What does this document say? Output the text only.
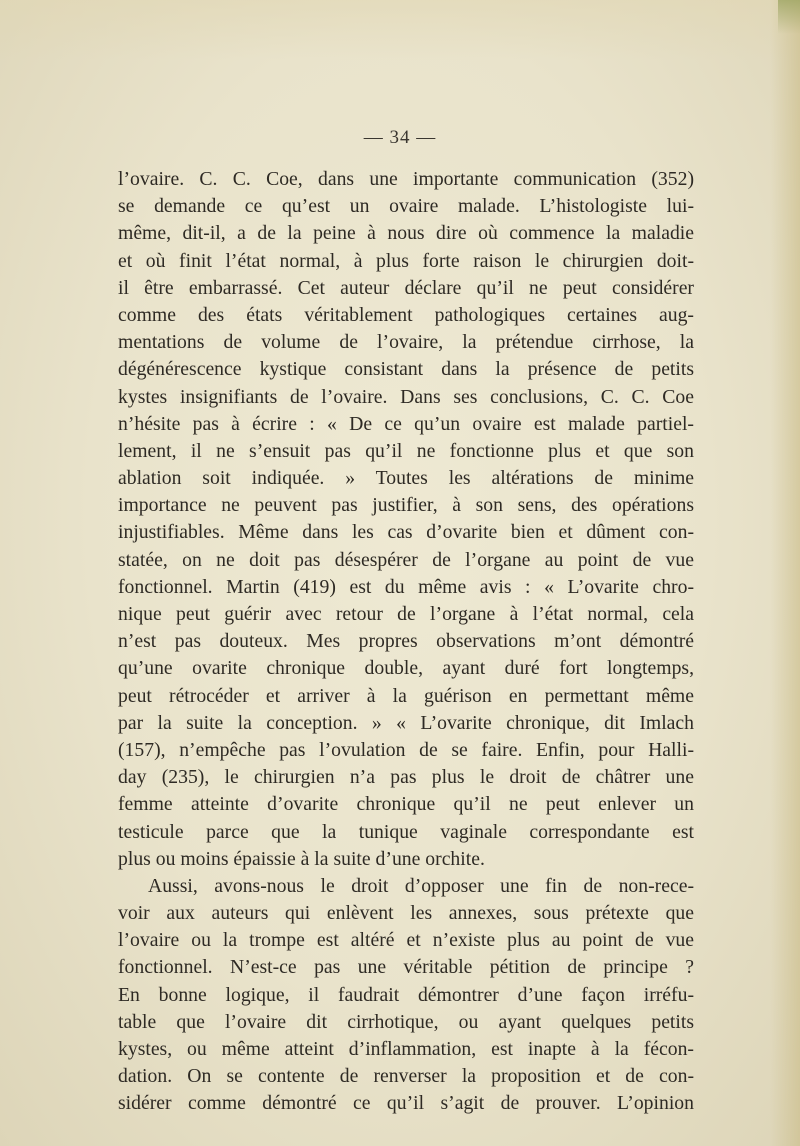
— 34 —
l’ovaire. C. C. Coe, dans une importante communication (352)
se demande ce qu’est un ovaire malade. L’histologiste lui-
même, dit-il, a de la peine à nous dire où commence la maladie
et où finit l’état normal, à plus forte raison le chirurgien doit-
il être embarrassé. Cet auteur déclare qu’il ne peut considérer
comme des états véritablement pathologiques certaines aug-
mentations de volume de l’ovaire, la prétendue cirrhose, la
dégénérescence kystique consistant dans la présence de petits
kystes insignifiants de l’ovaire. Dans ses conclusions, C. C. Coe
n’hésite pas à écrire : « De ce qu’un ovaire est malade partiel-
lement, il ne s’ensuit pas qu’il ne fonctionne plus et que son
ablation soit indiquée. » Toutes les altérations de minime
importance ne peuvent pas justifier, à son sens, des opérations
injustifiables. Même dans les cas d’ovarite bien et dûment con-
statée, on ne doit pas désespérer de l’organe au point de vue
fonctionnel. Martin (419) est du même avis : « L’ovarite chro-
nique peut guérir avec retour de l’organe à l’état normal, cela
n’est pas douteux. Mes propres observations m’ont démontré
qu’une ovarite chronique double, ayant duré fort longtemps,
peut rétrocéder et arriver à la guérison en permettant même
par la suite la conception. » « L’ovarite chronique, dit Imlach
(157), n’empêche pas l’ovulation de se faire. Enfin, pour Halli-
day (235), le chirurgien n’a pas plus le droit de châtrer une
femme atteinte d’ovarite chronique qu’il ne peut enlever un
testicule parce que la tunique vaginale correspondante est
plus ou moins épaissie à la suite d’une orchite.
Aussi, avons-nous le droit d’opposer une fin de non-rece-
voir aux auteurs qui enlèvent les annexes, sous prétexte que
l’ovaire ou la trompe est altéré et n’existe plus au point de vue
fonctionnel. N’est-ce pas une véritable pétition de principe ?
En bonne logique, il faudrait démontrer d’une façon irréfu-
table que l’ovaire dit cirrhotique, ou ayant quelques petits
kystes, ou même atteint d’inflammation, est inapte à la fécon-
dation. On se contente de renverser la proposition et de con-
sidérer comme démontré ce qu’il s’agit de prouver. L’opinion
